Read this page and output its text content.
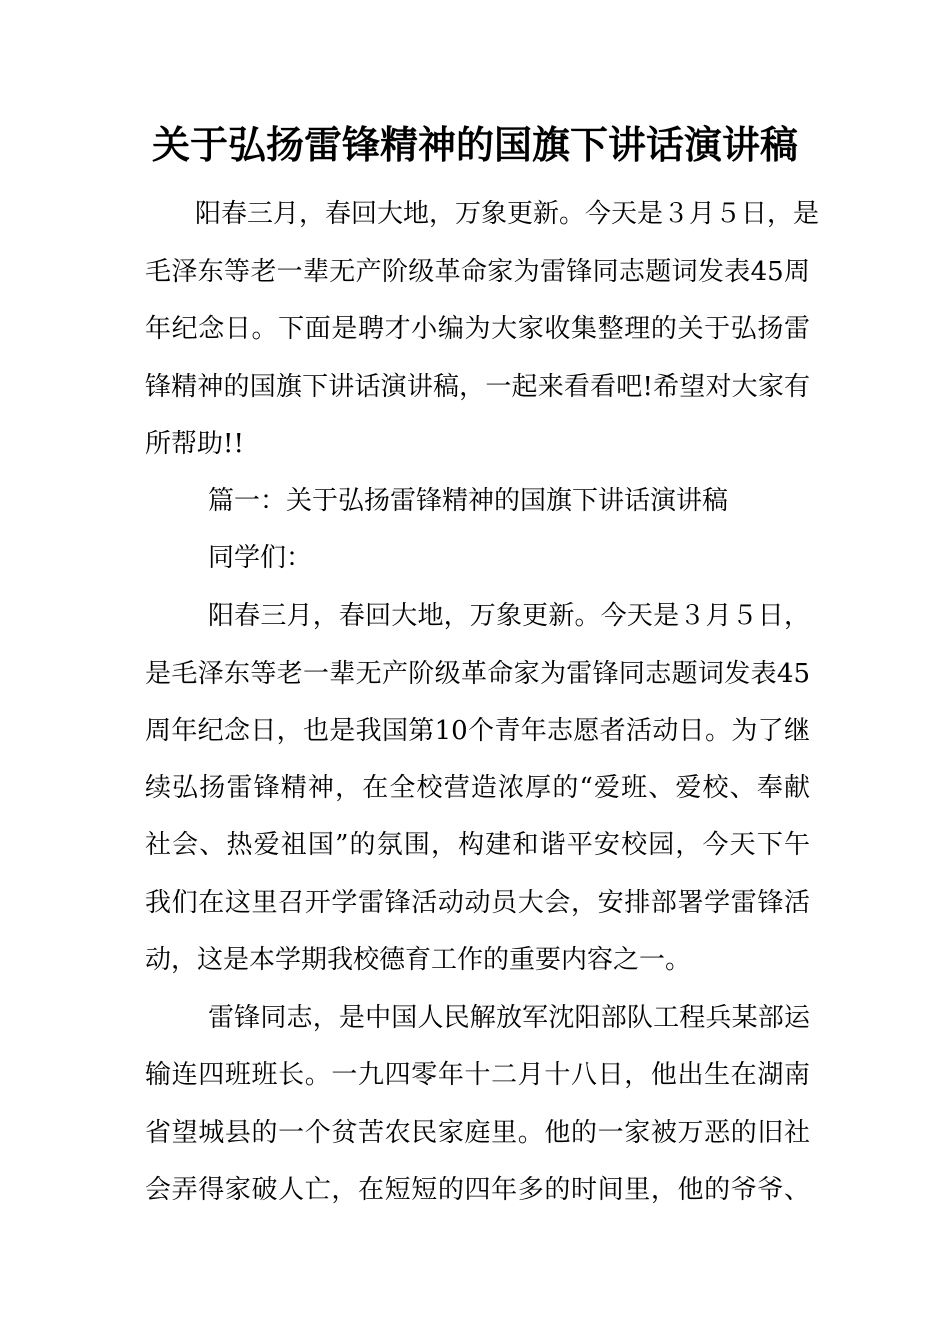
关于弘扬雷锋精神的国旗下讲话演讲稿

阳春三月，春回大地，万象更新。今天是３月５日，是

毛泽东等老一辈无产阶级革命家为雷锋同志题词发表45周

年纪念日。下面是聘才小编为大家收集整理的关于弘扬雷

锋精神的国旗下讲话演讲稿，一起来看看吧!希望对大家有

所帮助!!

篇一：关于弘扬雷锋精神的国旗下讲话演讲稿

同学们：

阳春三月，春回大地，万象更新。今天是３月５日，

是毛泽东等老一辈无产阶级革命家为雷锋同志题词发表45

周年纪念日，也是我国第10个青年志愿者活动日。为了继

续弘扬雷锋精神，在全校营造浓厚的“爱班、爱校、奉献

社会、热爱祖国”的氛围，构建和谐平安校园，今天下午

我们在这里召开学雷锋活动动员大会，安排部署学雷锋活

动，这是本学期我校德育工作的重要内容之一。

雷锋同志，是中国人民解放军沈阳部队工程兵某部运

输连四班班长。一九四零年十二月十八日，他出生在湖南

省望城县的一个贫苦农民家庭里。他的一家被万恶的旧社

会弄得家破人亡，在短短的四年多的时间里，他的爷爷、
